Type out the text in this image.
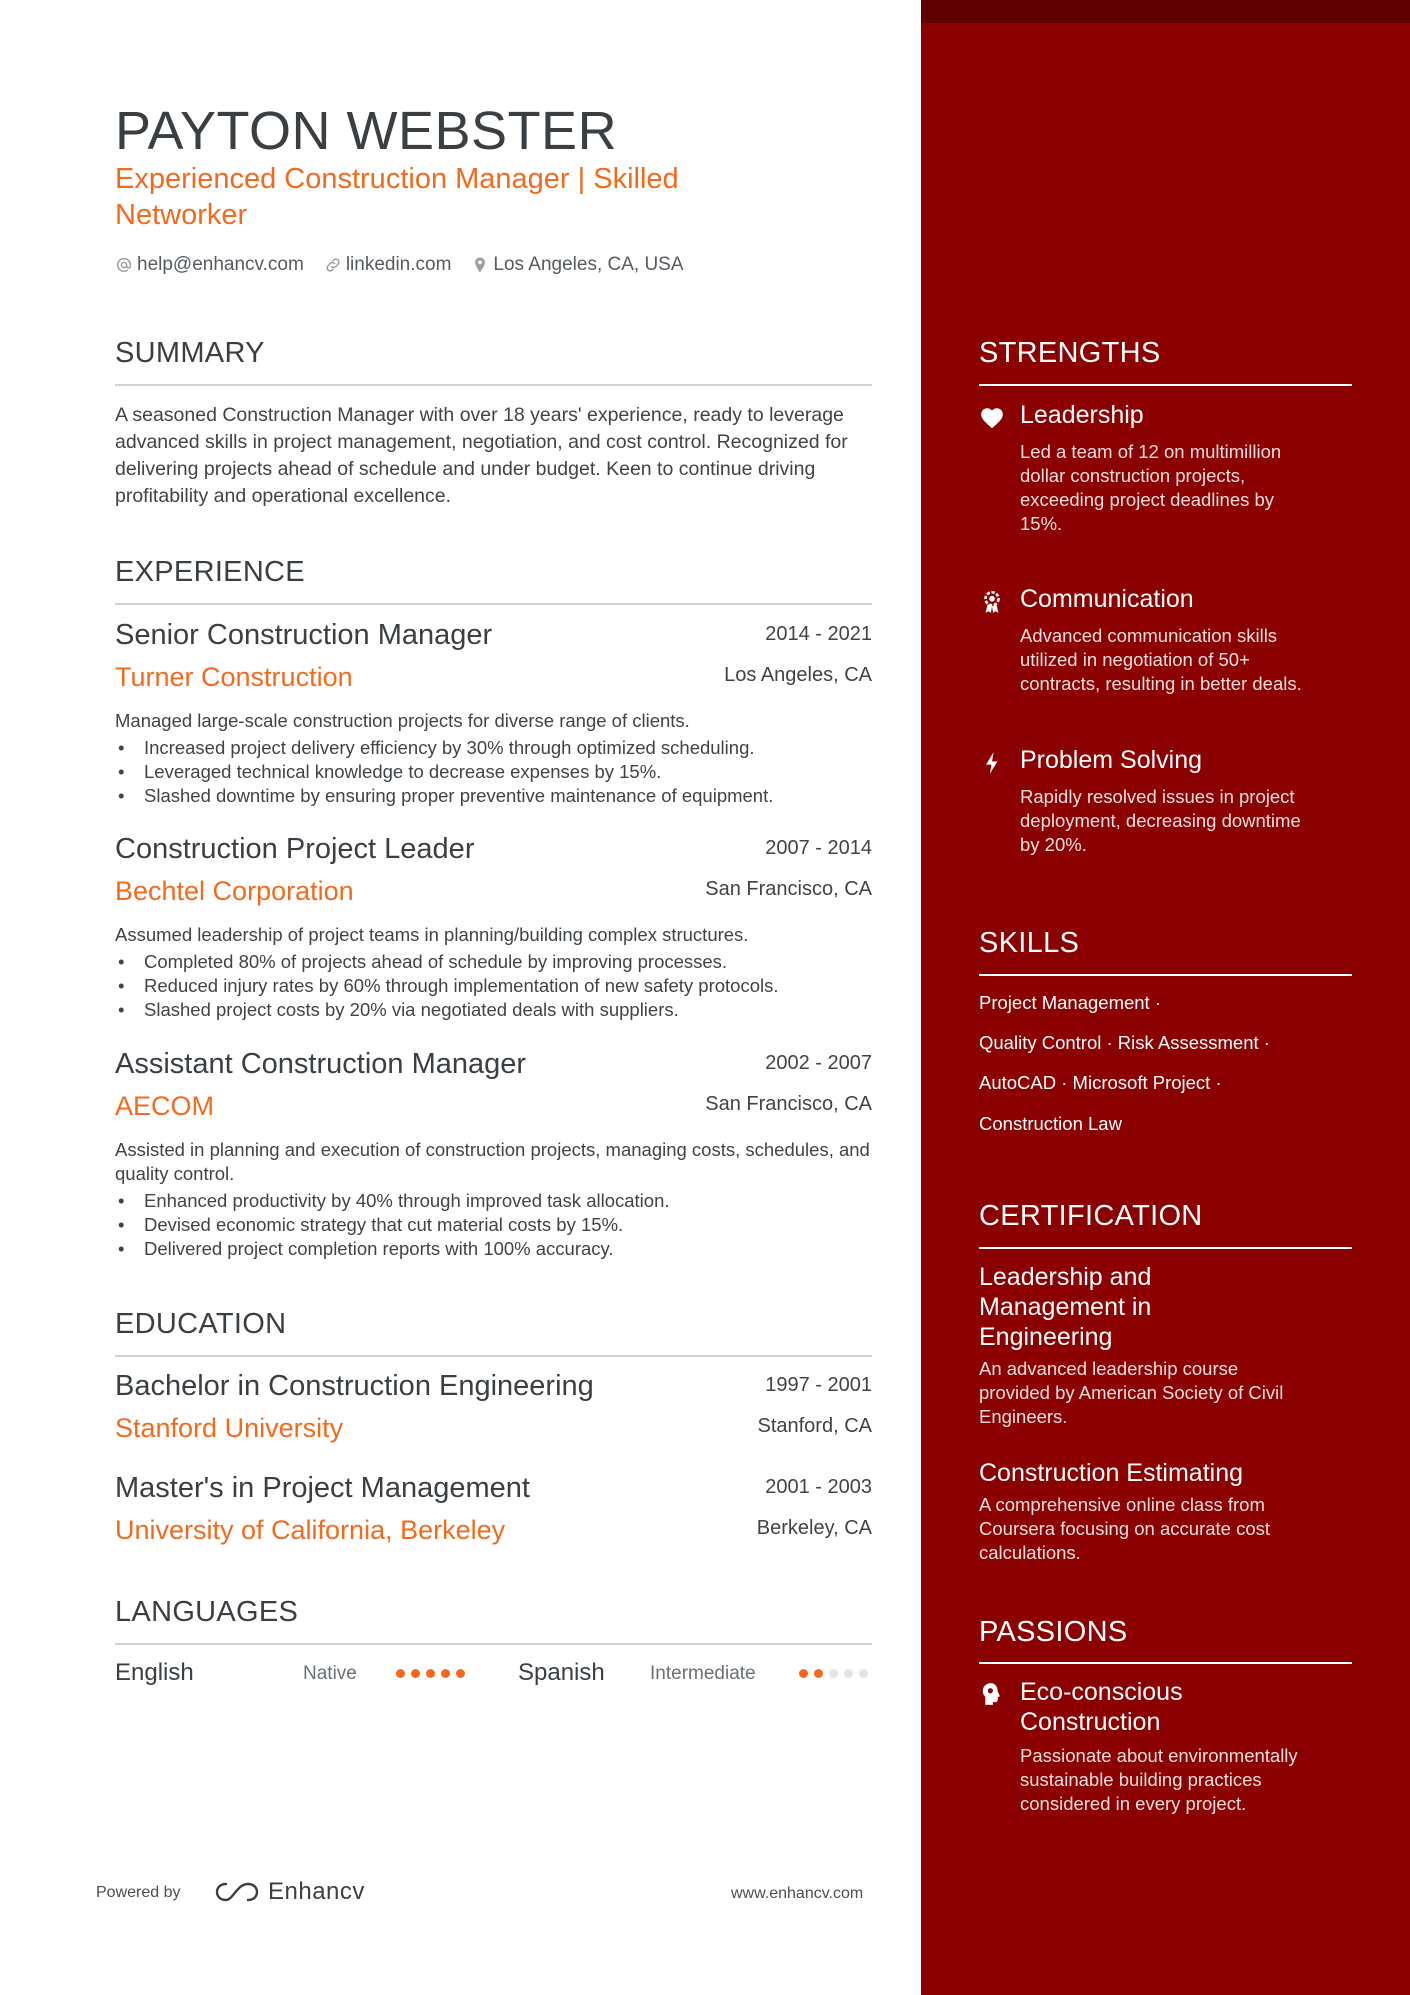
STRENGTHS
Leadership
Led a team of 12 on multimillion dollar construction projects, exceeding project deadlines by 15%.
Communication
Advanced communication skills utilized in negotiation of 50+ contracts, resulting in better deals.
Problem Solving
Rapidly resolved issues in project deployment, decreasing downtime by 20%.
SKILLS
Project Management ·
Quality Control · Risk Assessment ·
AutoCAD · Microsoft Project ·
Construction Law
CERTIFICATION
Leadership and Management in Engineering
An advanced leadership course provided by American Society of Civil Engineers.
Construction Estimating
A comprehensive online class from Coursera focusing on accurate cost calculations.
PASSIONS
Eco-conscious Construction
Passionate about environmentally sustainable building practices considered in every project.
PAYTON WEBSTER
Experienced Construction Manager | Skilled Networker
help@enhancv.com linkedin.com Los Angeles, CA, USA
SUMMARY
A seasoned Construction Manager with over 18 years' experience, ready to leverage advanced skills in project management, negotiation, and cost control. Recognized for delivering projects ahead of schedule and under budget. Keen to continue driving profitability and operational excellence.
EXPERIENCE
Senior Construction Manager	2014 - 2021
Turner Construction	Los Angeles, CA
Managed large-scale construction projects for diverse range of clients.
• Increased project delivery efficiency by 30% through optimized scheduling.
• Leveraged technical knowledge to decrease expenses by 15%.
• Slashed downtime by ensuring proper preventive maintenance of equipment.
Construction Project Leader	2007 - 2014
Bechtel Corporation	San Francisco, CA
Assumed leadership of project teams in planning/building complex structures.
• Completed 80% of projects ahead of schedule by improving processes.
• Reduced injury rates by 60% through implementation of new safety protocols.
• Slashed project costs by 20% via negotiated deals with suppliers.
Assistant Construction Manager	2002 - 2007
AECOM	San Francisco, CA
Assisted in planning and execution of construction projects, managing costs, schedules, and quality control.
• Enhanced productivity by 40% through improved task allocation.
• Devised economic strategy that cut material costs by 15%.
• Delivered project completion reports with 100% accuracy.
EDUCATION
Bachelor in Construction Engineering	1997 - 2001
Stanford University	Stanford, CA
Master's in Project Management	2001 - 2003
University of California, Berkeley	Berkeley, CA
LANGUAGES
English	Native	Spanish Intermediate
Powered by	Enhancv	www.enhancv.com
